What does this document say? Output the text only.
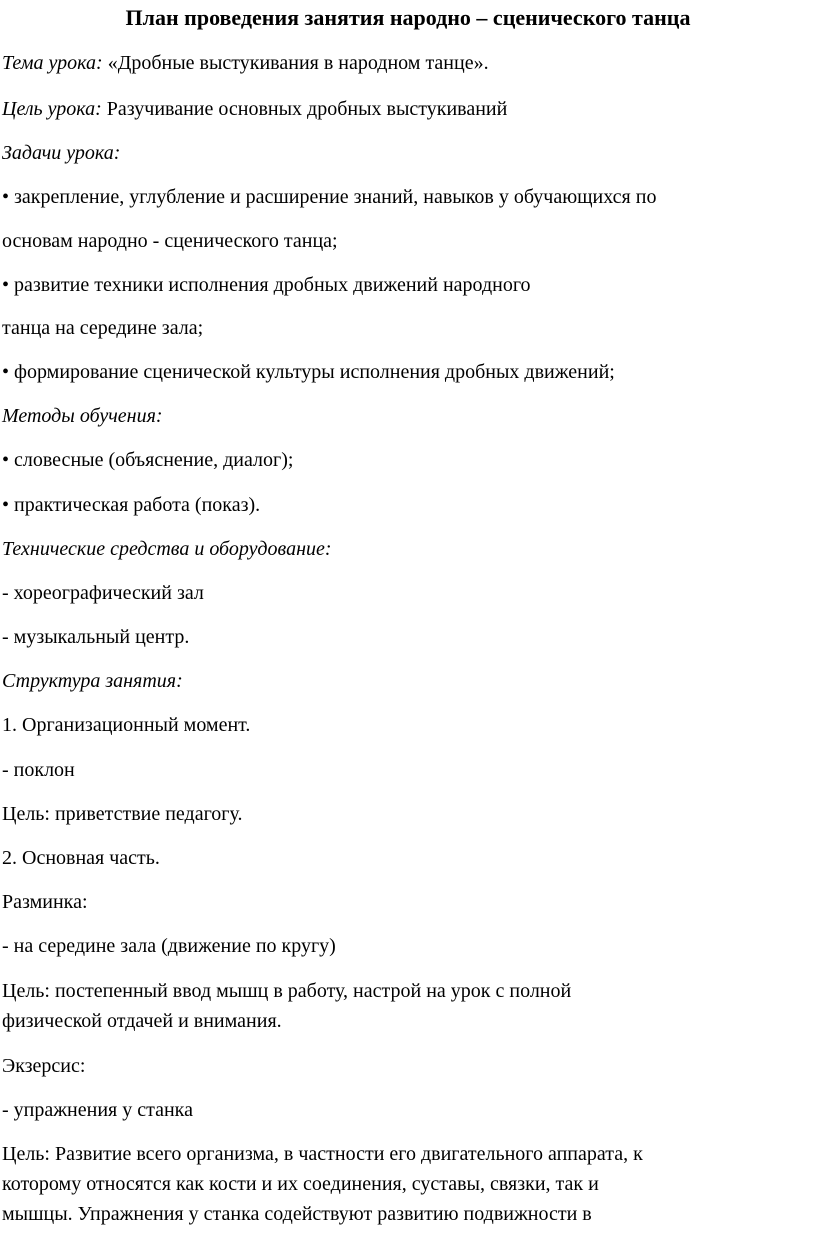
План проведения занятия народно – сценического танца
Тема урока: «Дробные выстукивания в народном танце».
Цель урока: Разучивание основных дробных выстукиваний
Задачи урока:
• закрепление, углубление и расширение знаний, навыков у обучающихся по
основам народно - сценического танца;
• развитие техники исполнения дробных движений народного
танца на середине зала;
• формирование сценической культуры исполнения дробных движений;
Методы обучения:
• словесные (объяснение, диалог);
• практическая работа (показ).
Технические средства и оборудование:
- хореографический зал
- музыкальный центр.
Структура занятия:
1. Организационный момент.
- поклон
Цель: приветствие педагогу.
2. Основная часть.
Разминка:
- на середине зала (движение по кругу)
Цель: постепенный ввод мышц в работу, настрой на урок с полной
физической отдачей и внимания.
Экзерсис:
- упражнения у станка
Цель: Развитие всего организма, в частности его двигательного аппарата, к
которому относятся как кости и их соединения, суставы, связки, так и
мышцы. Упражнения у станка содействуют развитию подвижности в
